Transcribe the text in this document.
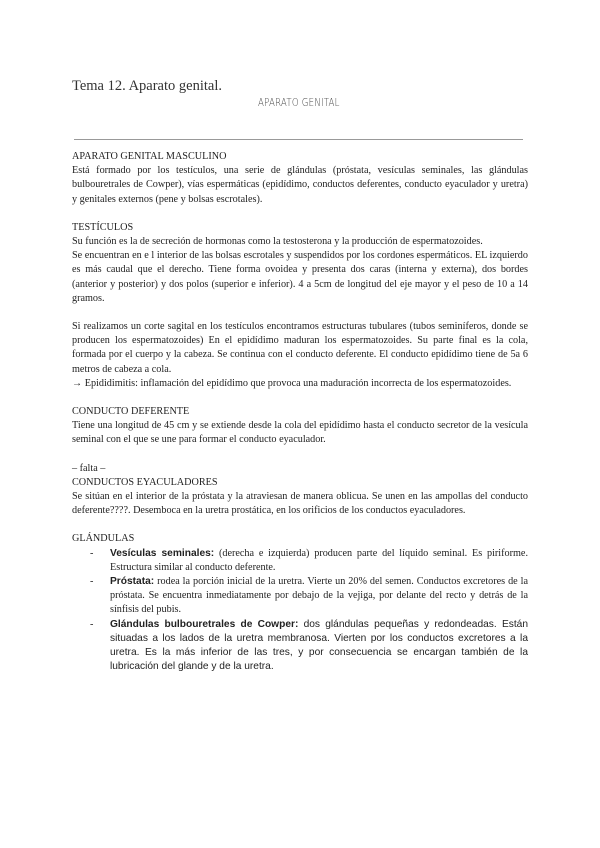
Tema 12. Aparato genital.
APARATO GENITAL

APARATO GENITAL MASCULINO

Está formado por los testículos, una serie de glándulas (próstata, vesículas seminales, las glándulas bulbouretrales de Cowper), vías espermáticas (epidídimo, conductos deferentes, conducto eyaculador y uretra) y genitales externos (pene y bolsas escrotales).

TESTÍCULOS

Su función es la de secreción de hormonas como la testosterona y la producción de espermatozoides.

Se encuentran en e l interior de las bolsas escrotales y suspendidos por los cordones espermáticos. EL izquierdo es más caudal que el derecho. Tiene forma ovoidea y presenta dos caras (interna y externa), dos bordes (anterior y posterior) y dos polos (superior e inferior). 4 a 5cm de longitud del eje mayor y el peso de 10 a 14 gramos.

Si realizamos un corte sagital en los testículos encontramos estructuras tubulares (tubos seminíferos, donde se producen los espermatozoides) En el epidídimo maduran los espermatozoides. Su parte final es la cola, formada por el cuerpo y la cabeza. Se continua con el conducto deferente. El conducto epidídimo tiene de 5a 6 metros de cabeza a cola.

→ Epididimitis: inflamación del epidídimo que provoca una maduración incorrecta de los espermatozoides.

CONDUCTO DEFERENTE

Tiene una longitud de 45 cm y se extiende desde la cola del epidídimo hasta el conducto secretor de la vesícula seminal con el que se une para formar el conducto eyaculador.

– falta –

CONDUCTOS EYACULADORES

Se sitúan en el interior de la próstata y la atraviesan de manera oblicua. Se unen en las ampollas del conducto deferente????. Desemboca en la uretra prostática, en los orificios de los conductos eyaculadores.

GLÁNDULAS

- Vesículas seminales: (derecha e izquierda) producen parte del líquido seminal. Es piriforme. Estructura similar al conducto deferente.
- Próstata: rodea la porción inicial de la uretra. Vierte un 20% del semen. Conductos excretores de la próstata. Se encuentra inmediatamente por debajo de la vejiga, por delante del recto y detrás de la sínfisis del pubis.
- Glándulas bulbouretrales de Cowper: dos glándulas pequeñas y redondeadas. Están situadas a los lados de la uretra membranosa. Vierten por los conductos excretores a la uretra. Es la más inferior de las tres, y por consecuencia se encargan también de la lubricación del glande y de la uretra.
